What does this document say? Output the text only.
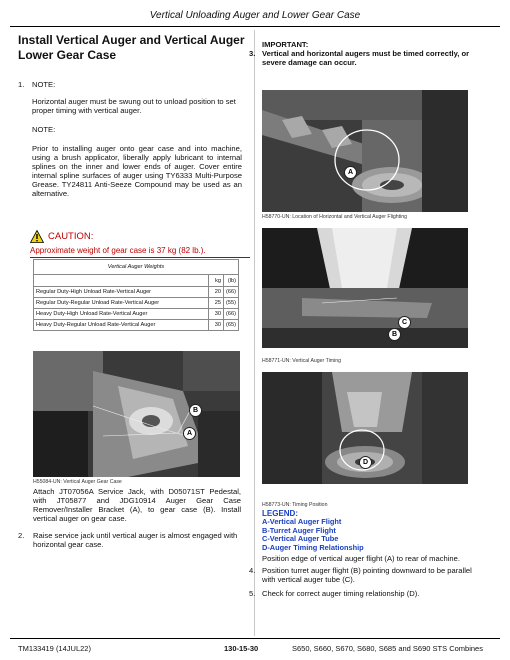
Vertical Unloading Auger and Lower Gear Case
Install Vertical Auger and Vertical Auger Lower Gear Case
1. NOTE:
Horizontal auger must be swung out to unload position to set proper timing with vertical auger.
NOTE:
Prior to installing auger onto gear case and into machine, using a brush applicator, liberally apply lubricant to internal splines on the inner and lower ends of auger. Cover entire internal spline surfaces of auger using TY6333 Multi-Purpose Grease. TY24811 Anti-Seeze Compound may be used as an alternative.
CAUTION:
Approximate weight of gear case is 37 kg (82 lb.).
Vertical Auger Weights		
	kg	(lb)
Regular Duty-High Unload Rate-Vertical Auger	20	(66)
Regular Duty-Regular Unload Rate-Vertical Auger	25	(55)
Heavy Duty-High Unload Rate-Vertical Auger	30	(66)
Heavy Duty-Regular Unload Rate-Vertical Auger	30	(65)
B
A
H55084-UN: Vertical Auger Gear Case
Attach JT07056A Service Jack, with D05071ST Pedestal, with JT05877 and JDG10914 Auger Gear Case Remover/Installer Bracket (A), to gear case (B). Install vertical auger on gear case.
2. Raise service jack until vertical auger is almost engaged with horizontal gear case.
IMPORTANT:
3. Vertical and horizontal augers must be timed correctly, or severe damage can occur.
A
H58770-UN: Location of Horizontal and Vertical Auger Flighting
C
B
H58771-UN: Vertical Auger Timing
D
H58773-UN: Timing Position
LEGEND:
A-Vertical Auger Flight
B-Turret Auger Flight
C-Vertical Auger Tube
D-Auger Timing Relationship
Position edge of vertical auger flight (A) to rear of machine.
4. Position turret auger flight (B) pointing downward to be parallel with vertical auger tube (C).
5. Check for correct auger timing relationship (D).
TM133419 (14JUL22)	130-15-30	S650, S660, S670, S680, S685 and S690 STS Combines
